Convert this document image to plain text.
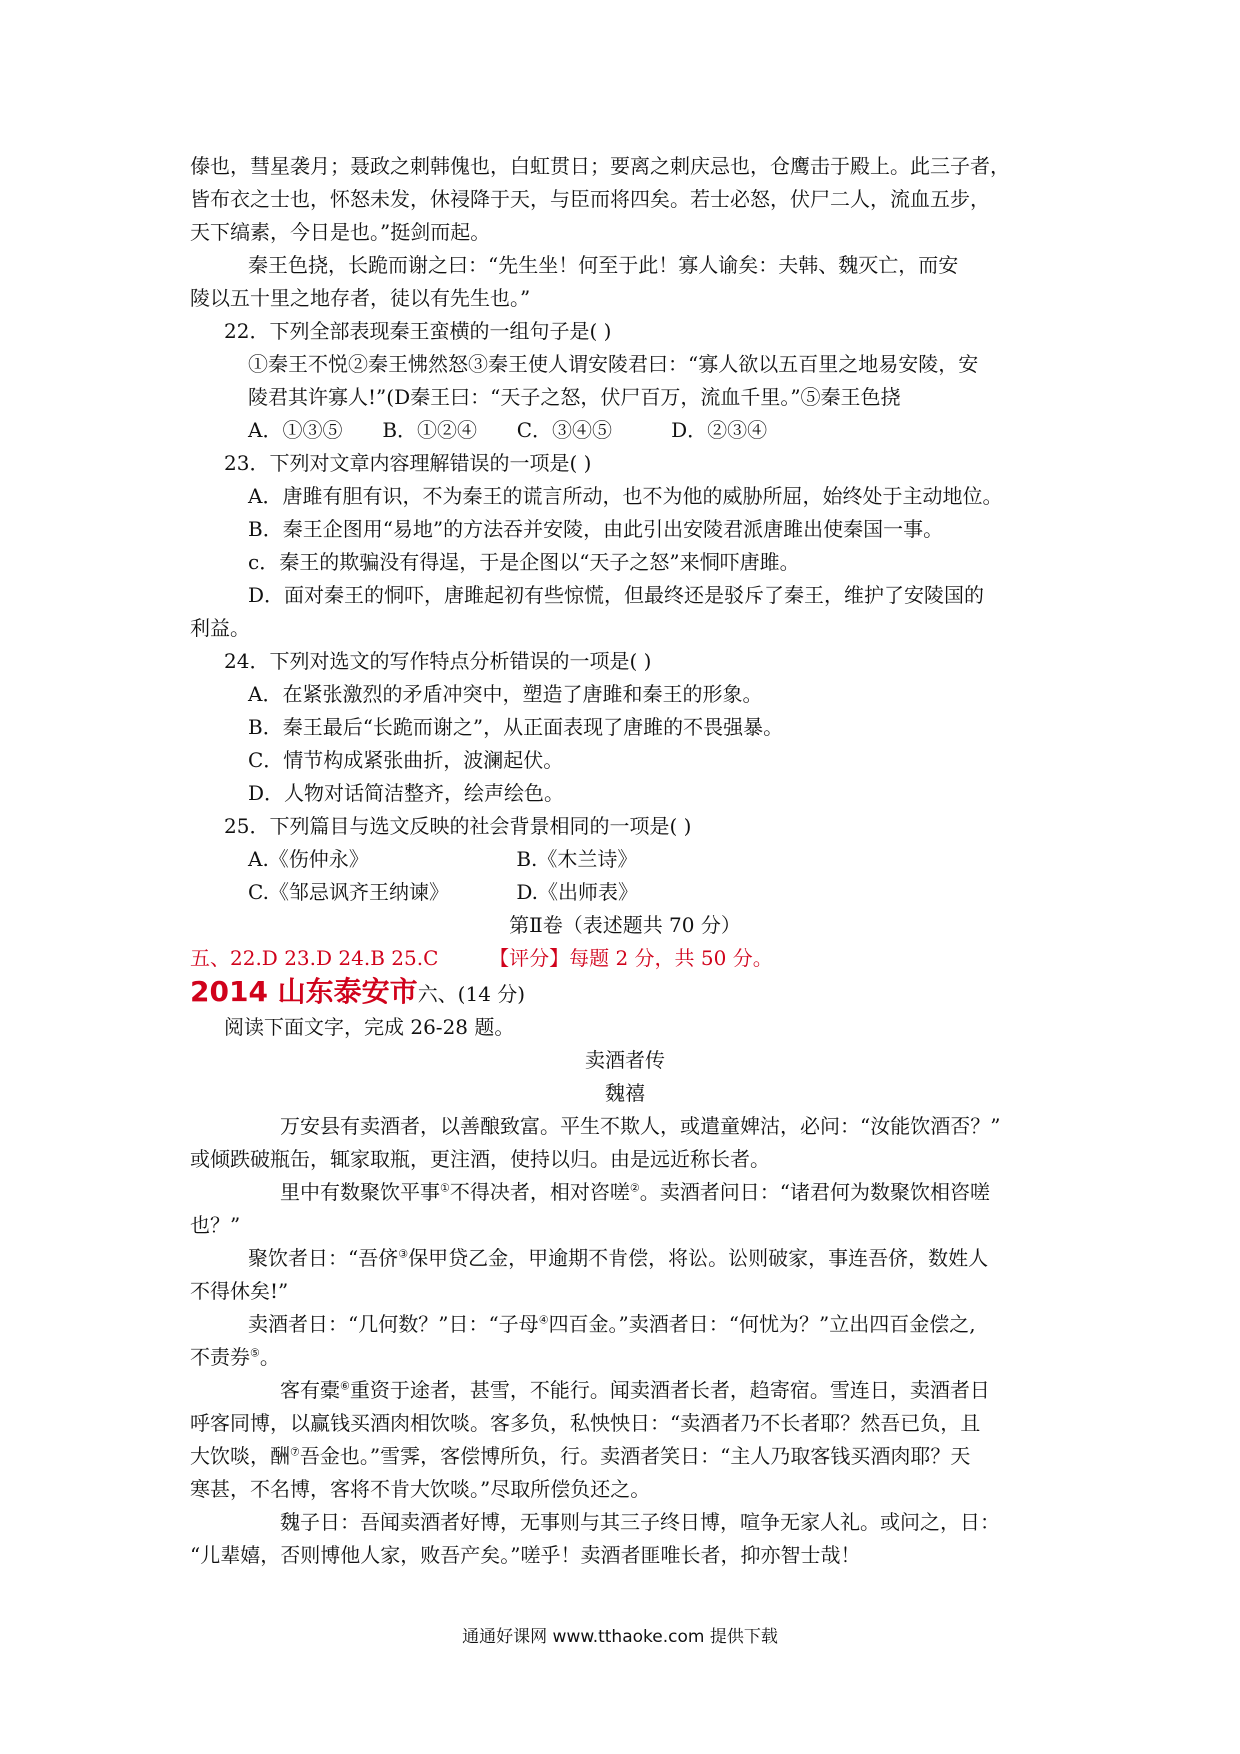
傣也，彗星袭月；聂政之刺韩傀也，白虹贯日；要离之刺庆忌也，仓鹰击于殿上。此三子者，

皆布衣之士也，怀怒未发，休祲降于天，与臣而将四矣。若士必怒，伏尸二人，流血五步，

天下缟素，今日是也。”挺剑而起。

秦王色挠，长跪而谢之曰：“先生坐！何至于此！寡人谕矣：夫韩、魏灭亡，而安

陵以五十里之地存者，徒以有先生也。”

22．下列全部表现秦王蛮横的一组句子是( )

①秦王不悦②秦王怫然怒③秦王使人谓安陵君曰：“寡人欲以五百里之地易安陵，安

陵君其许寡人!”(D秦王曰：“天子之怒，伏尸百万，流血千里。”⑤秦王色挠

A．①③⑤ B．①②④ C．③④⑤	D．②③④

23．下列对文章内容理解错误的一项是( )

A．唐雎有胆有识，不为秦王的谎言所动，也不为他的威胁所屈，始终处于主动地位。

B．秦王企图用“易地”的方法吞并安陵，由此引出安陵君派唐雎出使秦国一事。

c．秦王的欺骗没有得逞，于是企图以“天子之怒”来恫吓唐雎。

D．面对秦王的恫吓，唐雎起初有些惊慌，但最终还是驳斥了秦王，维护了安陵国的

利益。

24．下列对选文的写作特点分析错误的一项是( )

A．在紧张激烈的矛盾冲突中，塑造了唐雎和秦王的形象。

B．秦王最后“长跪而谢之”，从正面表现了唐雎的不畏强暴。

C．情节构成紧张曲折，波澜起伏。

D．人物对话简洁整齐，绘声绘色。

25．下列篇目与选文反映的社会背景相同的一项是( )

A.《伤仲永》	B.《木兰诗》

C.《邹忌讽齐王纳谏》	D.《出师表》

第Ⅱ卷（表述题共 70 分）

五、22.D 23.D 24.B 25.C	【评分】每题 2 分，共 50 分。

2014 山东泰安市六、(14 分)

阅读下面文字，完成 26-28 题。

卖酒者传

魏禧

万安县有卖酒者，以善酿致富。平生不欺人，或遣童婢沽，必问：“汝能饮酒否？”

或倾跌破瓶缶，辄家取瓶，更注酒，使持以归。由是远近称长者。

里中有数聚饮平事①不得决者，相对咨嗟②。卖酒者问日：“诸君何为数聚饮相咨嗟

也？”

聚饮者日：“吾侪③保甲贷乙金，甲逾期不肯偿，将讼。讼则破家，事连吾侪，数姓人

不得休矣!”

卖酒者日：“几何数？”日：“子母④四百金。”卖酒者日：“何忧为？”立出四百金偿之,

不责券⑤。

客有橐⑥重资于途者，甚雪，不能行。闻卖酒者长者，趋寄宿。雪连日，卖酒者日

呼客同博，以赢钱买酒肉相饮啖。客多负，私怏怏日：“卖酒者乃不长者耶？然吾已负，且

大饮啖，酬⑦吾金也。”雪霁，客偿博所负，行。卖酒者笑日：“主人乃取客钱买酒肉耶？天

寒甚，不名博，客将不肯大饮啖。”尽取所偿负还之。

魏子日：吾闻卖酒者好博，无事则与其三子终日博，喧争无家人礼。或问之，日：

“儿辈嬉，否则博他人家，败吾产矣。”嗟乎！卖酒者匪唯长者，抑亦智士哉！

通通好课网 www.tthaoke.com 提供下载
